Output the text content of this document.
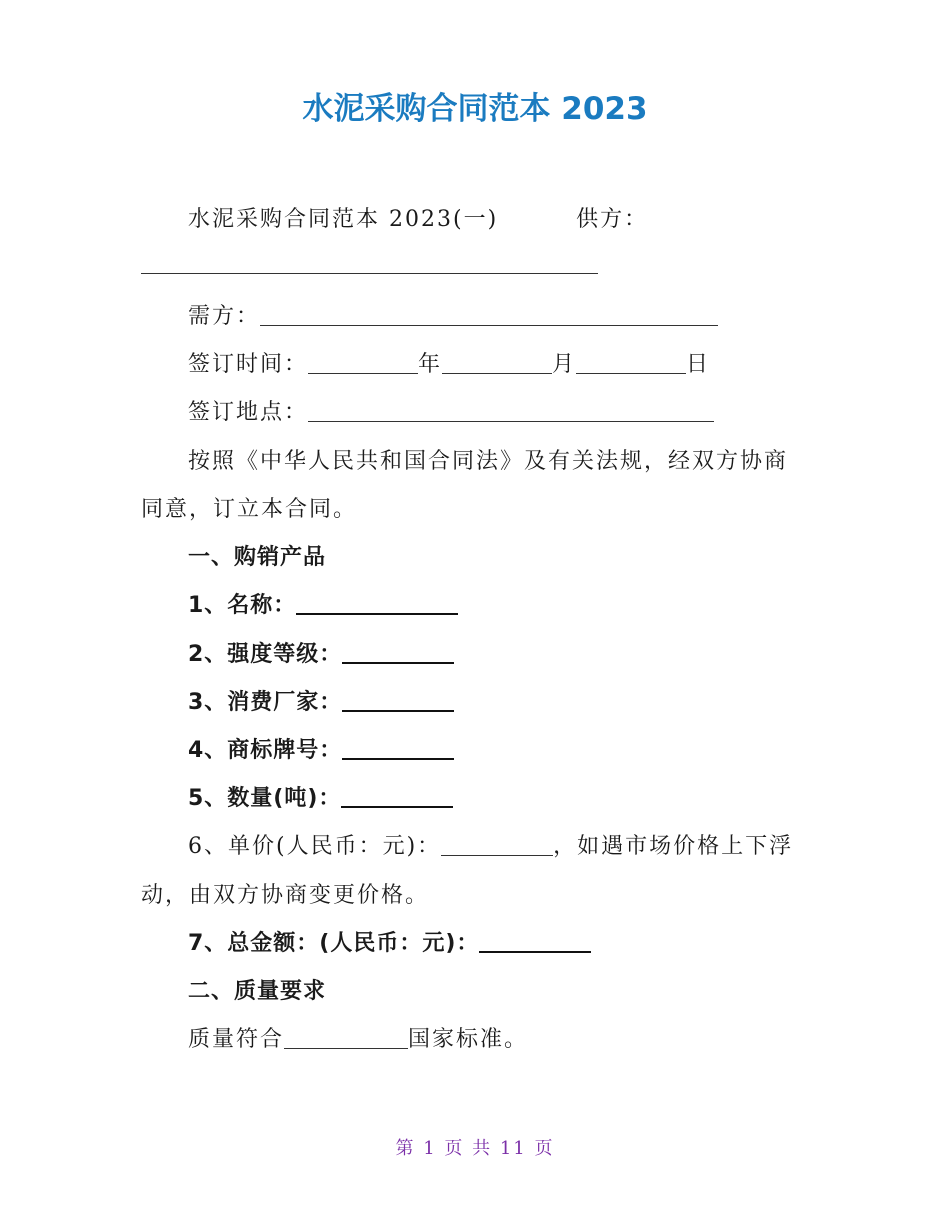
水泥采购合同范本 2023
水泥采购合同范本 2023(一)	供方：
需方：
签订时间：	年	月	日
签订地点：
按照《中华人民共和国合同法》及有关法规，经双方协商
同意，订立本合同。
一、购销产品
1、名称：
2、强度等级：
3、消费厂家：
4、商标牌号：
5、数量(吨)：
6、单价(人民币：元)：	，如遇市场价格上下浮
动，由双方协商变更价格。
7、总金额：(人民币：元)：
二、质量要求
质量符合	国家标准。
第 1 页 共 11 页
